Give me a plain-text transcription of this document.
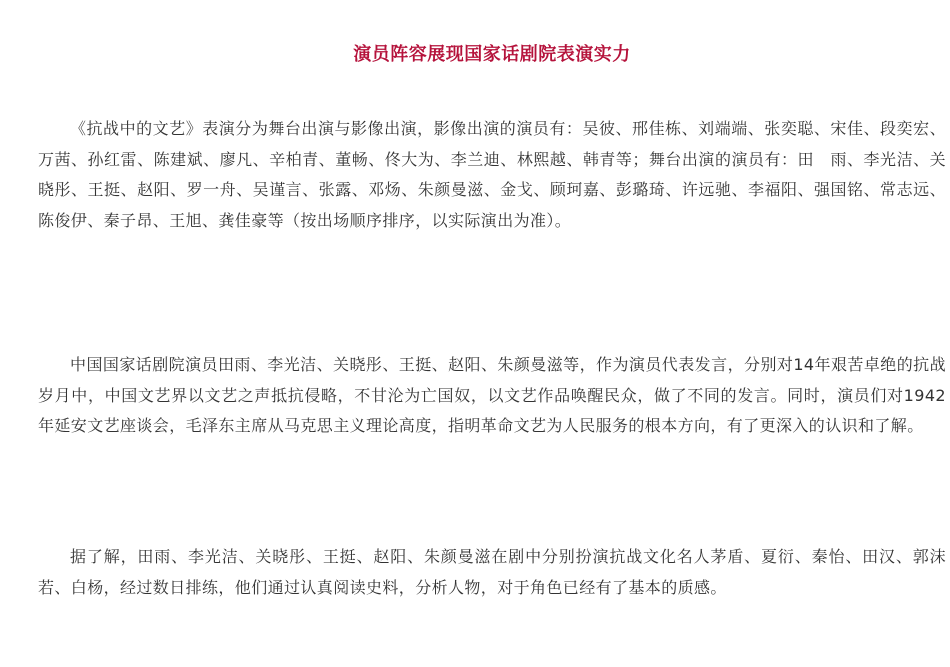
演员阵容展现国家话剧院表演实力

《抗战中的文艺》表演分为舞台出演与影像出演，影像出演的演员有：吴彼、邢佳栋、刘端端、张奕聪、宋佳、段奕宏、万茜、孙红雷、陈建斌、廖凡、辛柏青、董畅、佟大为、李兰迪、林熙越、韩青等；舞台出演的演员有：田　雨、李光洁、关晓彤、王挺、赵阳、罗一舟、吴谨言、张露、邓炀、朱颜曼滋、金戈、顾珂嘉、彭璐琦、许远驰、李福阳、强国铭、常志远、陈俊伊、秦子昂、王旭、龚佳豪等（按出场顺序排序，以实际演出为准）。

中国国家话剧院演员田雨、李光洁、关晓彤、王挺、赵阳、朱颜曼滋等，作为演员代表发言，分别对14年艰苦卓绝的抗战岁月中，中国文艺界以文艺之声抵抗侵略，不甘沦为亡国奴，以文艺作品唤醒民众，做了不同的发言。同时，演员们对1942年延安文艺座谈会，毛泽东主席从马克思主义理论高度，指明革命文艺为人民服务的根本方向，有了更深入的认识和了解。

据了解，田雨、李光洁、关晓彤、王挺、赵阳、朱颜曼滋在剧中分别扮演抗战文化名人茅盾、夏衍、秦怡、田汉、郭沫若、白杨，经过数日排练，他们通过认真阅读史料，分析人物，对于角色已经有了基本的质感。
